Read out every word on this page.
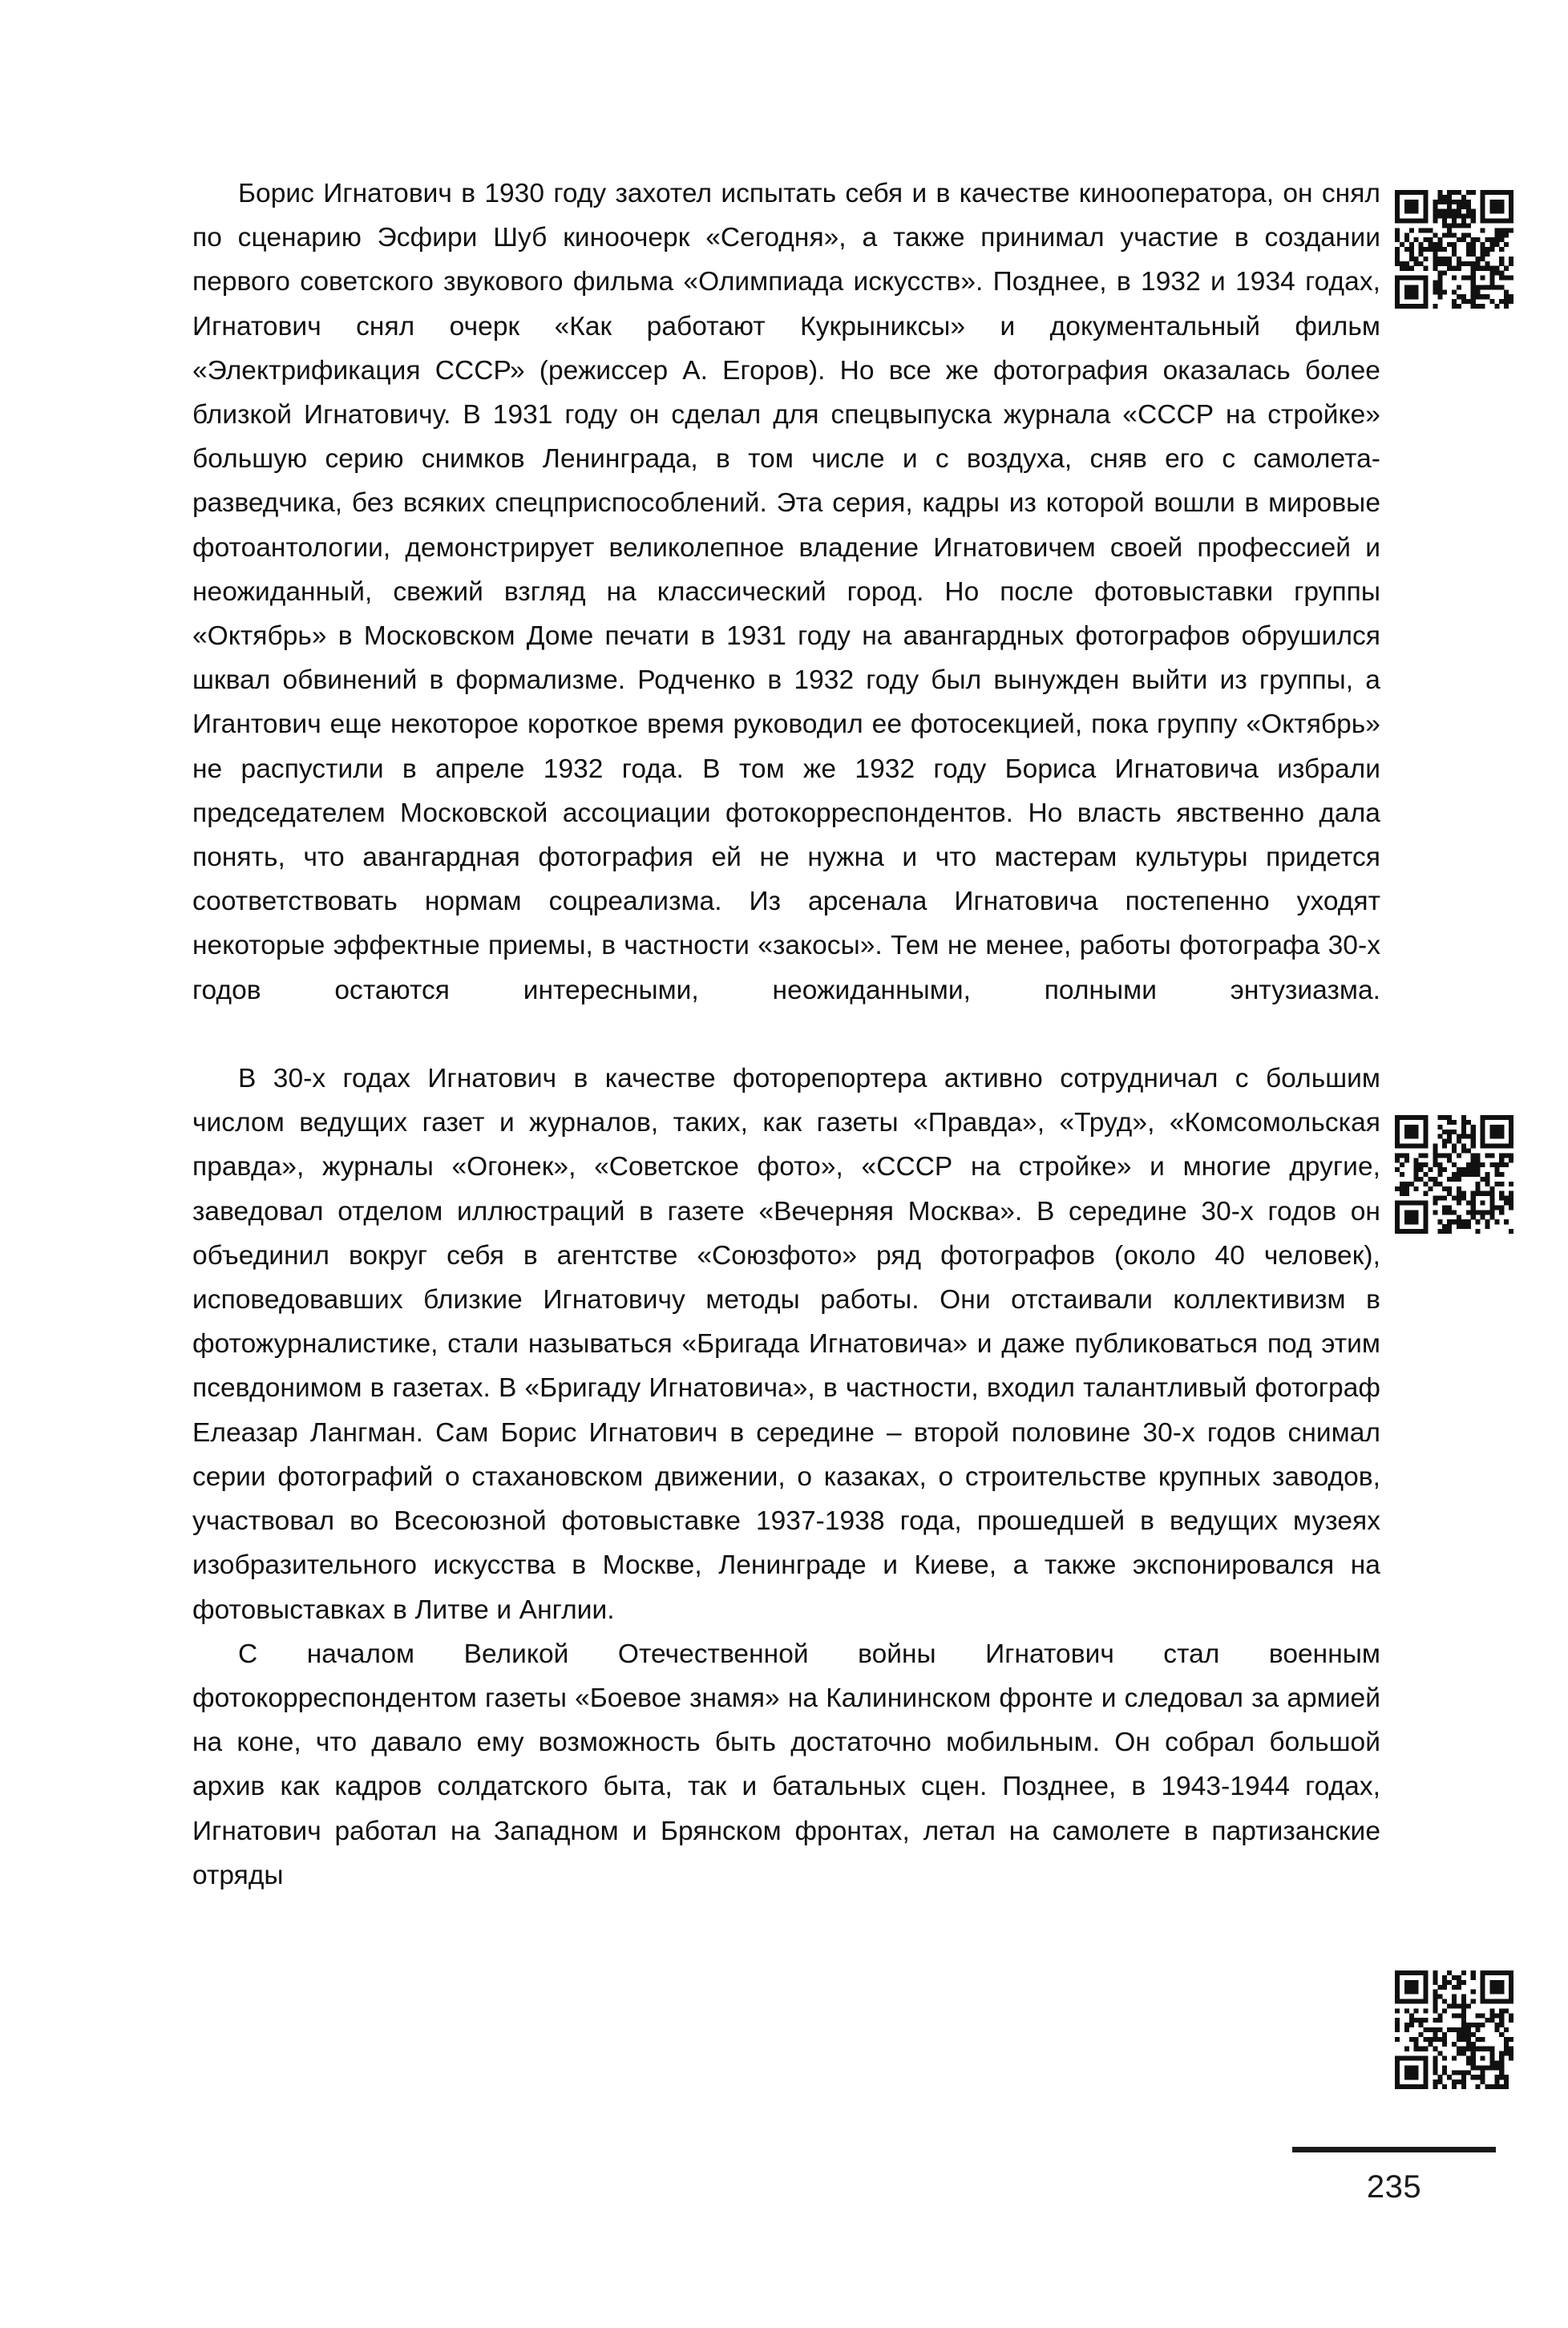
Борис Игнатович в 1930 году захотел испытать себя и в качестве кинооператора, он снял по сценарию Эсфири Шуб киноочерк «Сегодня», а также принимал участие в создании первого советского звукового фильма «Олимпиада искусств». Позднее, в 1932 и 1934 годах, Игнатович снял очерк «Как работают Кукрыниксы» и документальный фильм «Электрификация СССР» (режиссер А. Егоров). Но все же фотография оказалась более близкой Игнатовичу. В 1931 году он сделал для спецвыпуска журнала «СССР на стройке» большую серию снимков Ленинграда, в том числе и с воздуха, сняв его с самолета-разведчика, без всяких спецприспособлений. Эта серия, кадры из которой вошли в мировые фотоантологии, демонстрирует великолепное владение Игнатовичем своей профессией и неожиданный, свежий взгляд на классический город. Но после фотовыставки группы «Октябрь» в Московском Доме печати в 1931 году на авангардных фотографов обрушился шквал обвинений в формализме. Родченко в 1932 году был вынужден выйти из группы, а Игантович еще некоторое короткое время руководил ее фотосекцией, пока группу «Октябрь» не распустили в апреле 1932 года. В том же 1932 году Бориса Игнатовича избрали председателем Московской ассоциации фотокорреспондентов. Но власть явственно дала понять, что авангардная фотография ей не нужна и что мастерам культуры придется соответствовать нормам соцреализма. Из арсенала Игнатовича постепенно уходят некоторые эффектные приемы, в частности «закосы». Тем не менее, работы фотографа 30-х годов остаются интересными, неожиданными, полными энтузиазма.

В 30-х годах Игнатович в качестве фоторепортера активно сотрудничал с большим числом ведущих газет и журналов, таких, как газеты «Правда», «Труд», «Комсомольская правда», журналы «Огонек», «Советское фото», «СССР на стройке» и многие другие, заведовал отделом иллюстраций в газете «Вечерняя Москва». В середине 30-х годов он объединил вокруг себя в агентстве «Союзфото» ряд фотографов (около 40 человек), исповедовавших близкие Игнатовичу методы работы. Они отстаивали коллективизм в фотожурналистике, стали называться «Бригада Игнатовича» и даже публиковаться под этим псевдонимом в газетах. В «Бригаду Игнатовича», в частности, входил талантливый фотограф Елеазар Лангман. Сам Борис Игнатович в середине – второй половине 30-х годов снимал серии фотографий о стахановском движении, о казаках, о строительстве крупных заводов, участвовал во Всесоюзной фотовыставке 1937-1938 года, прошедшей в ведущих музеях изобразительного искусства в Москве, Ленинграде и Киеве, а также экспонировался на фотовыставках в Литве и Англии.

С началом Великой Отечественной войны Игнатович стал военным фотокорреспондентом газеты «Боевое знамя» на Калининском фронте и следовал за армией на коне, что давало ему возможность быть достаточно мобильным. Он собрал большой архив как кадров солдатского быта, так и батальных сцен. Позднее, в 1943-1944 годах, Игнатович работал на Западном и Брянском фронтах, летал на самолете в партизанские отряды

235
